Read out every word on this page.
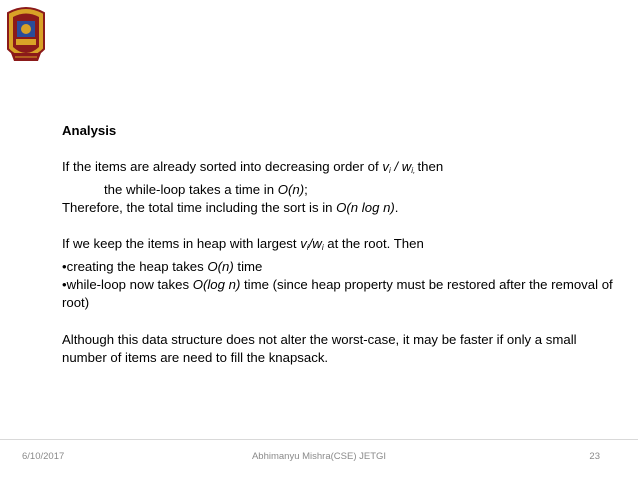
Analysis

If the items are already sorted into decreasing order of $v_i / w_{i,}$ then

the while-loop takes a time in O(n);

Therefore, the total time including the sort is in O(n log n).

If we keep the items in heap with largest $v_i/w_i$ at the root. Then

•creating the heap takes O(n) time

•while-loop now takes O(log n) time (since heap property must be restored after the removal of root)

Although this data structure does not alter the worst-case, it may be faster if only a small number of items are need to fill the knapsack.

6/10/2017	Abhimanyu Mishra(CSE) JETGI	23
